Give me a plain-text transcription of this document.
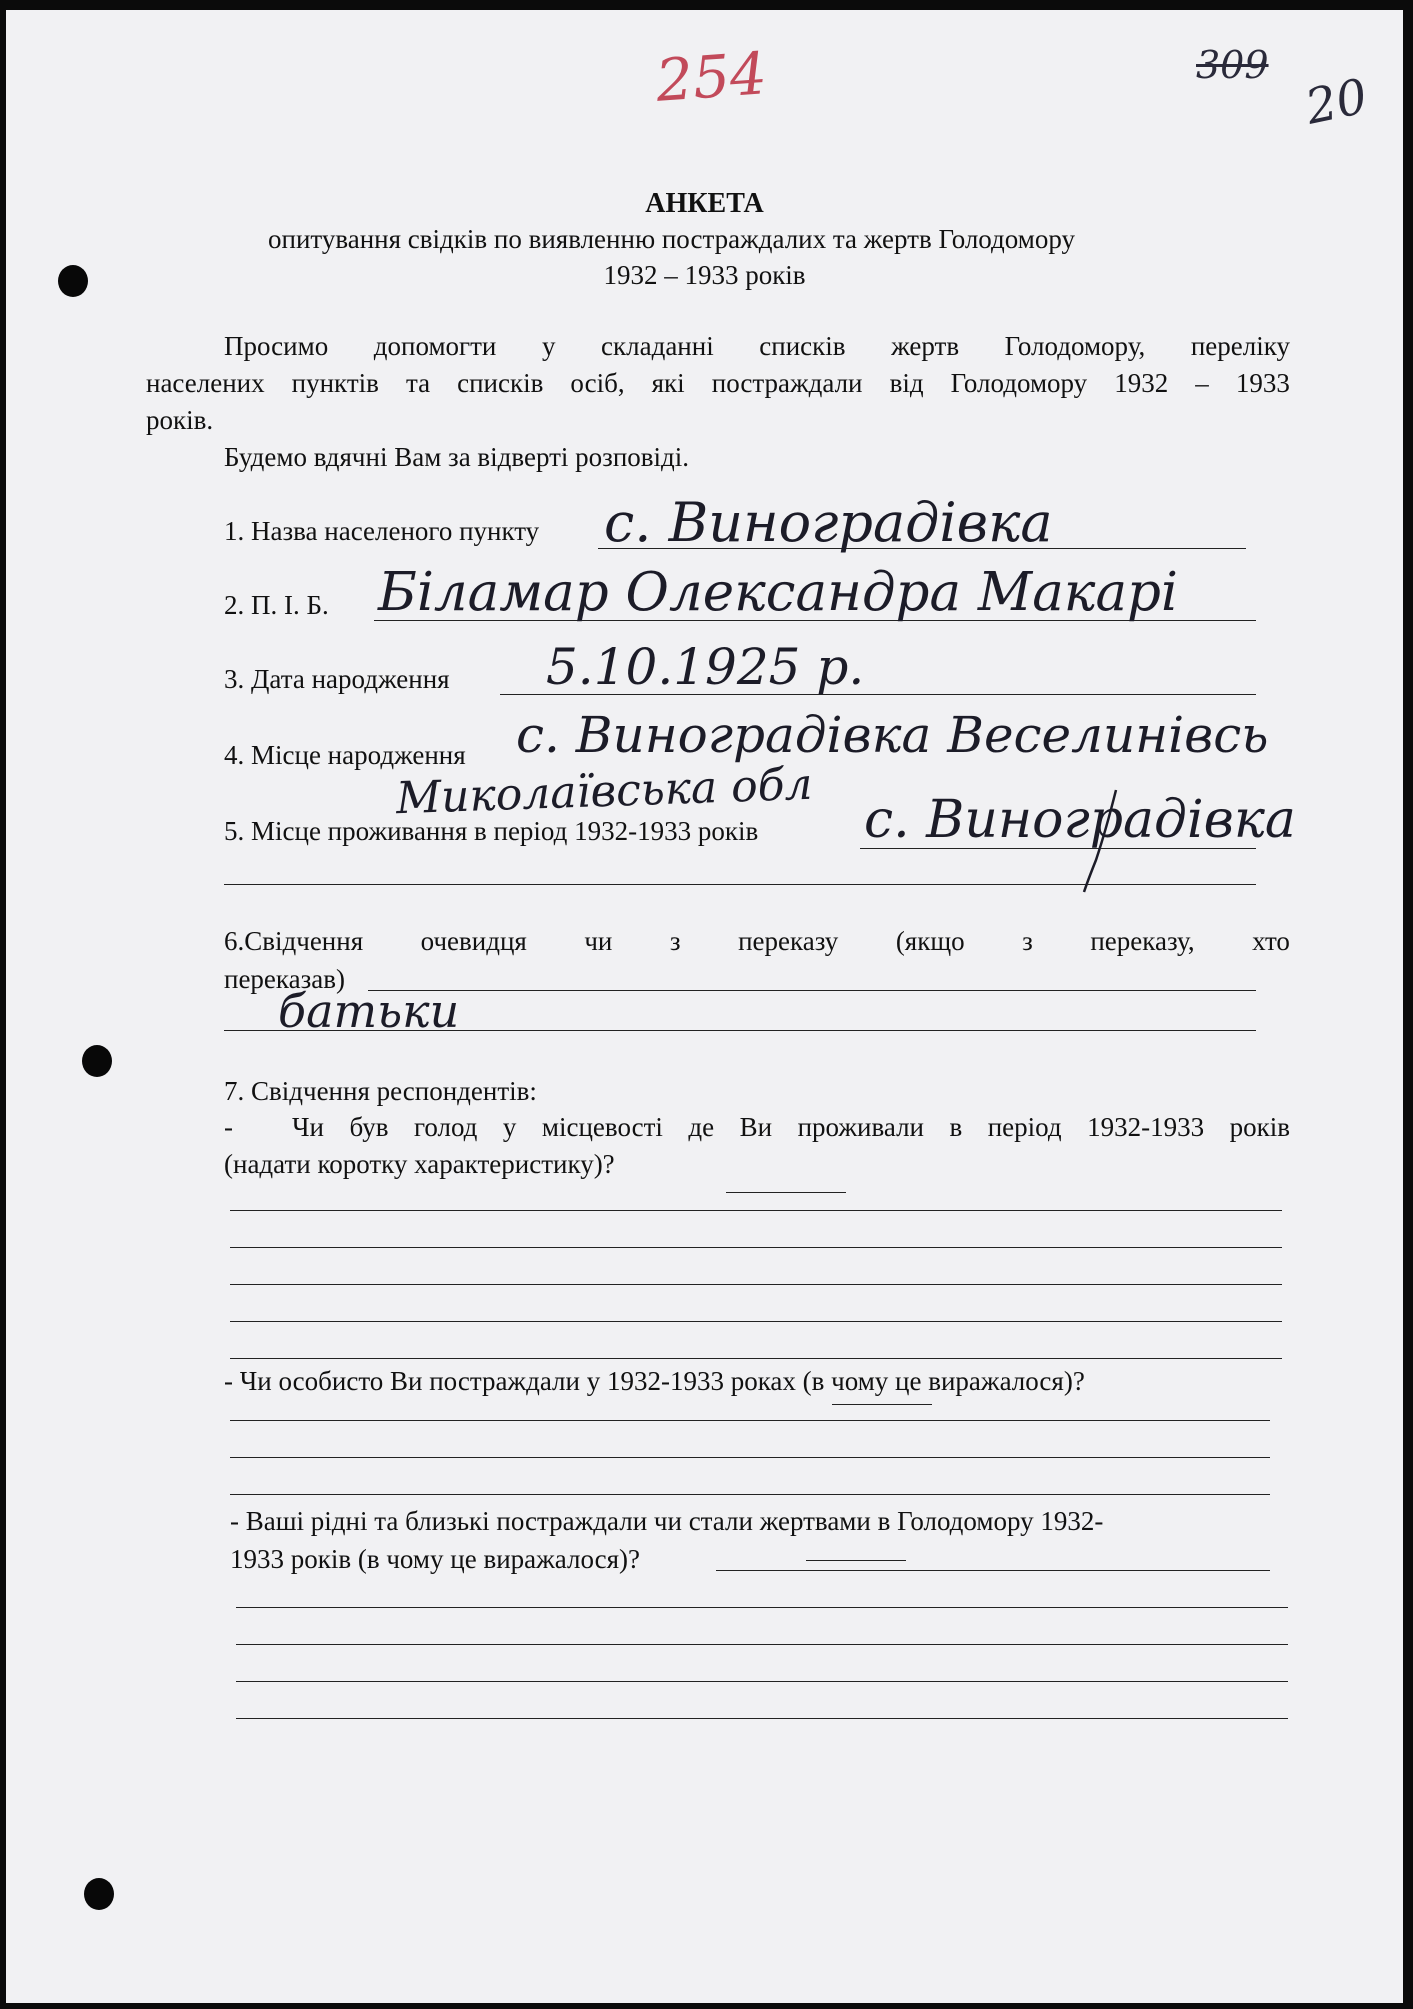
254	309
20
АНКЕТА
опитування свідків по виявленню постраждалих та жертв Голодомору
1932 – 1933 років
Просимо допомогти у складанні списків жертв Голодомору, переліку
населених пунктів та списків осіб, які постраждали від Голодомору 1932 – 1933
років.
Будемо вдячні Вам за відверті розповіді.
1. Назва населеного пункту с. Виноградівка
2. П. І. Б. Біламар Олександра Макарі
3. Дата народження 5.10.1925 р.
4. Місце народження с. Виноградівка Веселинівсь
Миколаївська обл
5. Місце проживання в період 1932-1933 років с. Виноградівка
6.Свідчення очевидця чи з переказу (якщо з переказу, хто
переказав)
батьки
7. Свідчення респондентів:
- Чи був голод у місцевості де Ви проживали в період 1932-1933 років
(надати коротку характеристику)?
- Чи особисто Ви постраждали у 1932-1933 роках (в чому це виражалося)?
- Ваші рідні та близькі постраждали чи стали жертвами в Голодомору 1932-
1933 років (в чому це виражалося)?
